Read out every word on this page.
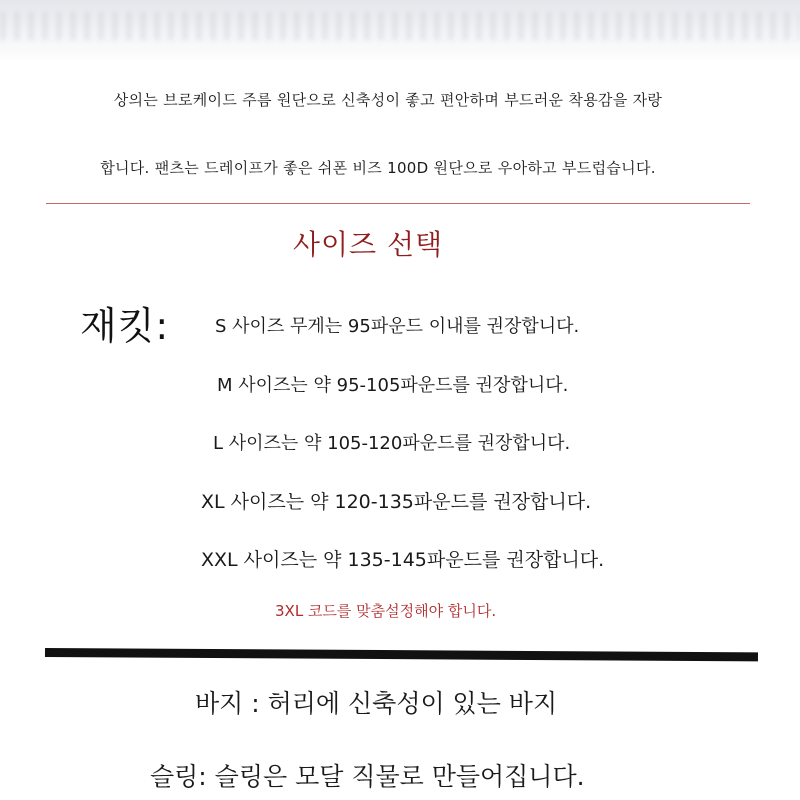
상의는 브로케이드 주름 원단으로 신축성이 좋고 편안하며 부드러운 착용감을 자랑
합니다. 팬츠는 드레이프가 좋은 쉬폰 비즈 100D 원단으로 우아하고 부드럽습니다.
사이즈 선택
재킷:	S 사이즈 무게는 95파운드 이내를 권장합니다.
M 사이즈는 약 95-105파운드를 권장합니다.
L 사이즈는 약 105-120파운드를 권장합니다.
XL 사이즈는 약 120-135파운드를 권장합니다.
XXL 사이즈는 약 135-145파운드를 권장합니다.
3XL 코드를 맞춤설정해야 합니다.
바지 : 허리에 신축성이 있는 바지
슬링: 슬링은 모달 직물로 만들어집니다.
